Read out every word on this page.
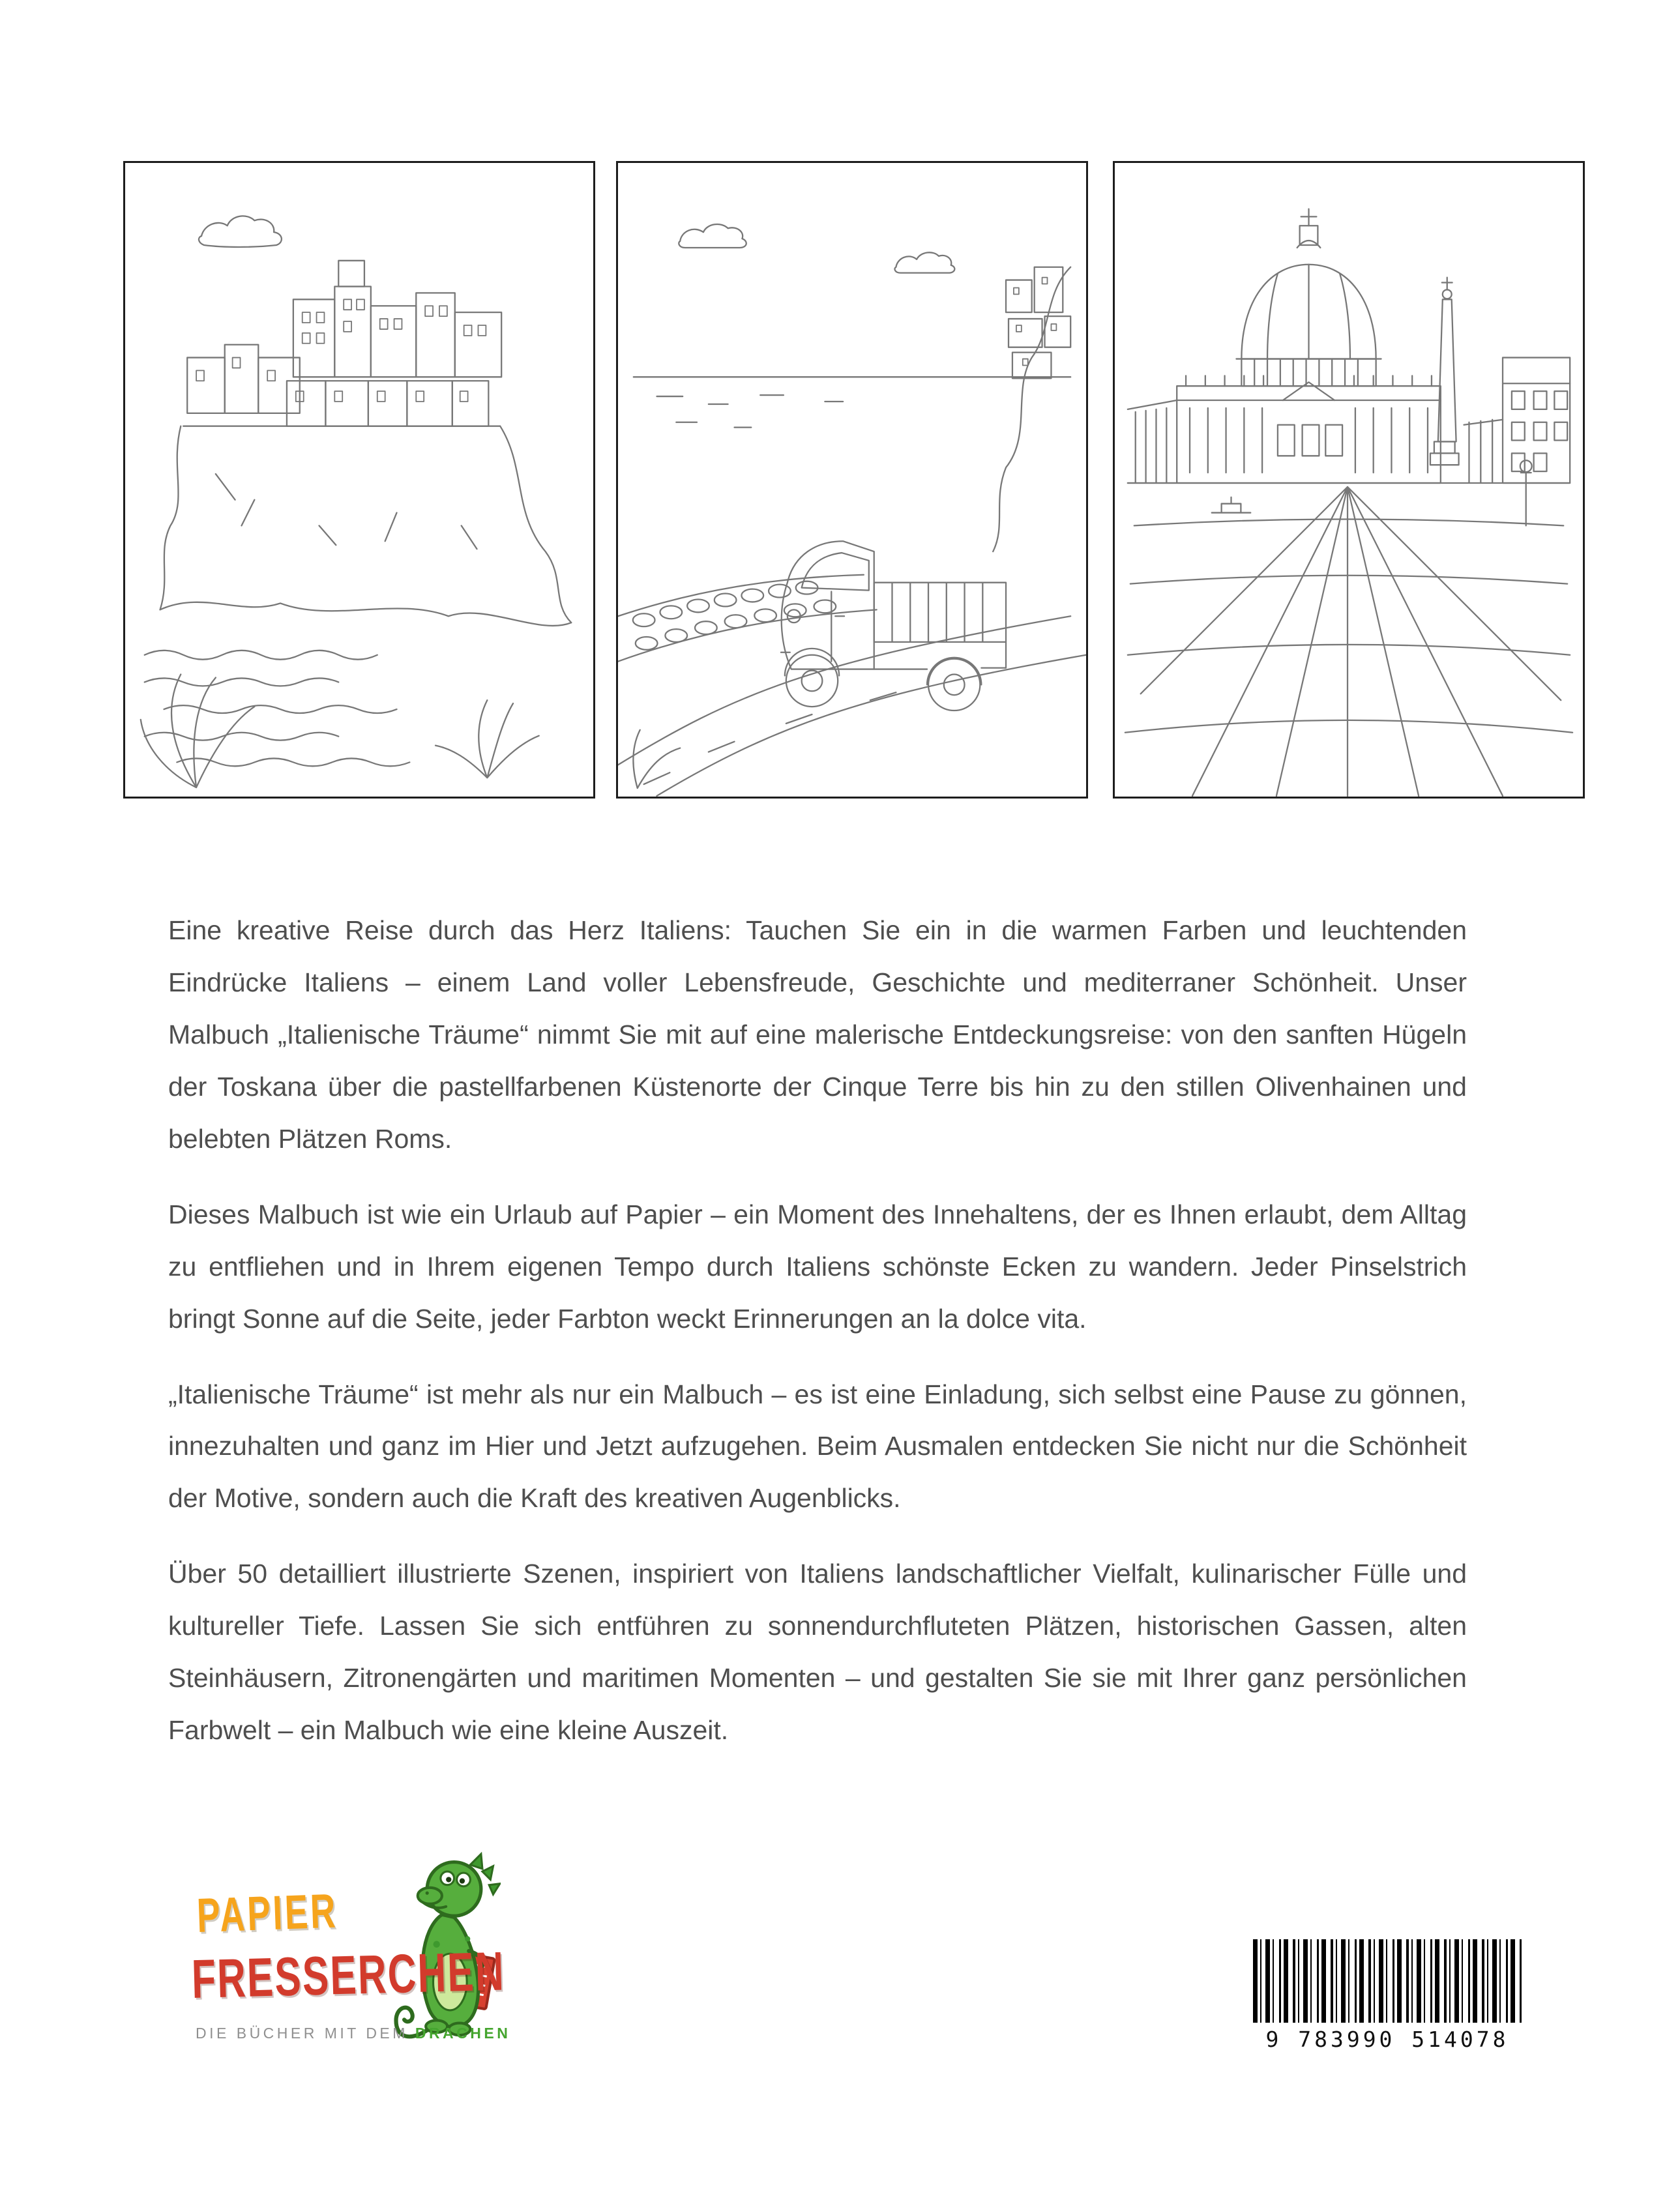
Eine kreative Reise durch das Herz Italiens: Tauchen Sie ein in die warmen Farben und leuchtenden Eindrücke Italiens – einem Land voller Lebensfreude, Geschichte und mediterraner Schönheit. Unser Malbuch „Italienische Träume“ nimmt Sie mit auf eine malerische Entdeckungsreise: von den sanften Hügeln der Toskana über die pastellfarbenen Küstenorte der Cinque Terre bis hin zu den stillen Olivenhainen und belebten Plätzen Roms.

Dieses Malbuch ist wie ein Urlaub auf Papier – ein Moment des Innehaltens, der es Ihnen erlaubt, dem Alltag zu entfliehen und in Ihrem eigenen Tempo durch Italiens schönste Ecken zu wandern. Jeder Pinselstrich bringt Sonne auf die Seite, jeder Farbton weckt Erinnerungen an la dolce vita.

„Italienische Träume“ ist mehr als nur ein Malbuch – es ist eine Einladung, sich selbst eine Pause zu gönnen, innezuhalten und ganz im Hier und Jetzt aufzugehen. Beim Ausmalen entdecken Sie nicht nur die Schönheit der Motive, sondern auch die Kraft des kreativen Augenblicks.

Über 50 detailliert illustrierte Szenen, inspiriert von Italiens landschaftlicher Vielfalt, kulinarischer Fülle und kultureller Tiefe. Lassen Sie sich entführen zu sonnendurchfluteten Plätzen, historischen Gassen, alten Steinhäusern, Zitronengärten und maritimen Momenten – und gestalten Sie sie mit Ihrer ganz persönlichen Farbwelt – ein Malbuch wie eine kleine Auszeit.

PAPIER
FRESSERCHEN
DIE BÜCHER MIT DEM DRACHEN	9 783990 514078
